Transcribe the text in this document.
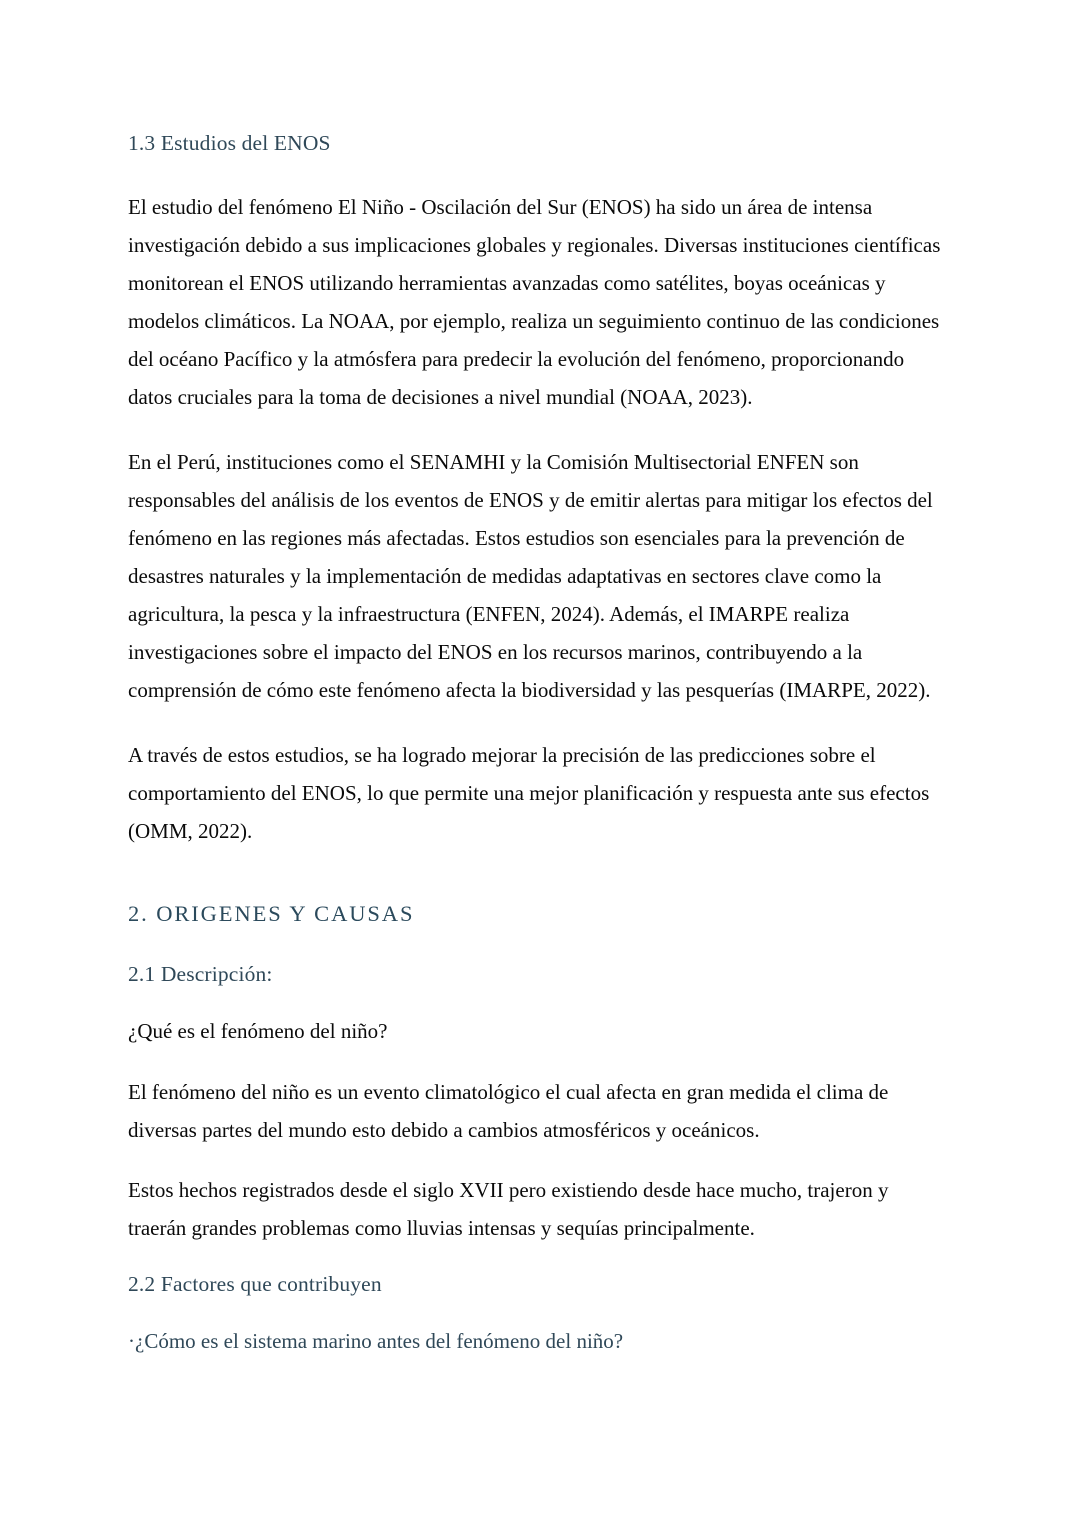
1.3 Estudios del ENOS

El estudio del fenómeno El Niño - Oscilación del Sur (ENOS) ha sido un área de intensa investigación debido a sus implicaciones globales y regionales. Diversas instituciones científicas monitorean el ENOS utilizando herramientas avanzadas como satélites, boyas oceánicas y modelos climáticos. La NOAA, por ejemplo, realiza un seguimiento continuo de las condiciones del océano Pacífico y la atmósfera para predecir la evolución del fenómeno, proporcionando datos cruciales para la toma de decisiones a nivel mundial (NOAA, 2023).

En el Perú, instituciones como el SENAMHI y la Comisión Multisectorial ENFEN son responsables del análisis de los eventos de ENOS y de emitir alertas para mitigar los efectos del fenómeno en las regiones más afectadas. Estos estudios son esenciales para la prevención de desastres naturales y la implementación de medidas adaptativas en sectores clave como la agricultura, la pesca y la infraestructura (ENFEN, 2024). Además, el IMARPE realiza investigaciones sobre el impacto del ENOS en los recursos marinos, contribuyendo a la comprensión de cómo este fenómeno afecta la biodiversidad y las pesquerías (IMARPE, 2022).

A través de estos estudios, se ha logrado mejorar la precisión de las predicciones sobre el comportamiento del ENOS, lo que permite una mejor planificación y respuesta ante sus efectos (OMM, 2022).

2. ORIGENES Y CAUSAS
2.1 Descripción:

¿Qué es el fenómeno del niño?

El fenómeno del niño es un evento climatológico el cual afecta en gran medida el clima de diversas partes del mundo esto debido a cambios atmosféricos y oceánicos.

Estos hechos registrados desde el siglo XVII pero existiendo desde hace mucho, trajeron y traerán grandes problemas como lluvias intensas y sequías principalmente.

2.2 Factores que contribuyen

·¿Cómo es el sistema marino antes del fenómeno del niño?
